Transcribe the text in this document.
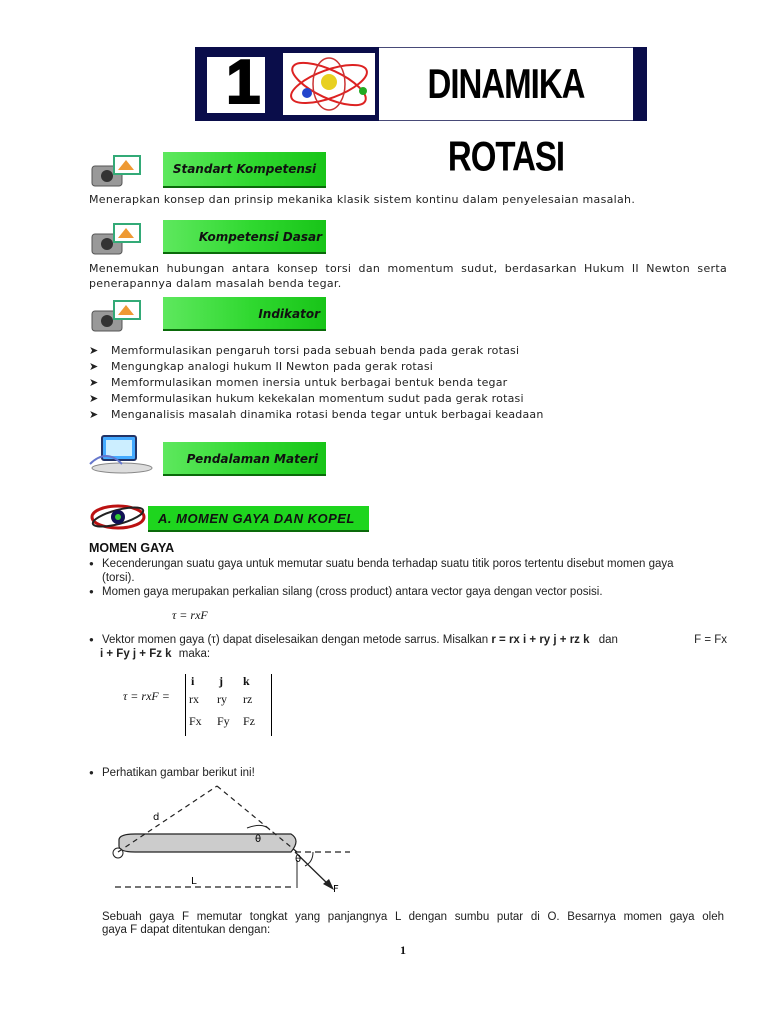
DINAMIKA ROTASI
1
Standart Kompetensi
Menerapkan konsep dan prinsip mekanika klasik sistem kontinu dalam penyelesaian masalah.
Kompetensi Dasar
Menemukan hubungan antara konsep torsi dan momentum sudut, berdasarkan Hukum II Newton serta
penerapannya dalam masalah benda tegar.
Indikator
➤ Memformulasikan pengaruh torsi pada sebuah benda pada gerak rotasi
➤ Mengungkap analogi hukum II Newton pada gerak rotasi
➤ Memformulasikan momen inersia untuk berbagai bentuk benda tegar
➤ Memformulasikan hukum kekekalan momentum sudut pada gerak rotasi
➤ Menganalisis masalah dinamika rotasi benda tegar untuk berbagai keadaan
Pendalaman Materi
A. MOMEN GAYA DAN KOPEL
MOMEN GAYA
● Kecenderungan suatu gaya untuk memutar suatu benda terhadap suatu titik poros tertentu disebut momen gaya
(torsi).
● Momen gaya merupakan perkalian silang (cross product) antara vector gaya dengan vector posisi.
τ = rxF
● Vektor momen gaya (τ) dapat diselesaikan dengan metode sarrus. Misalkan r = rx i + ry j + rz k dan	F = Fx
i + Fy j + Fz k maka:
τ = rxF =
i j k
rx ry rz
Fx Fy Fz
● Perhatikan gambar berikut ini!
d
θ
θ
L
F
Sebuah gaya F memutar tongkat yang panjangnya L dengan sumbu putar di O. Besarnya momen gaya oleh
gaya F dapat ditentukan dengan:
1
